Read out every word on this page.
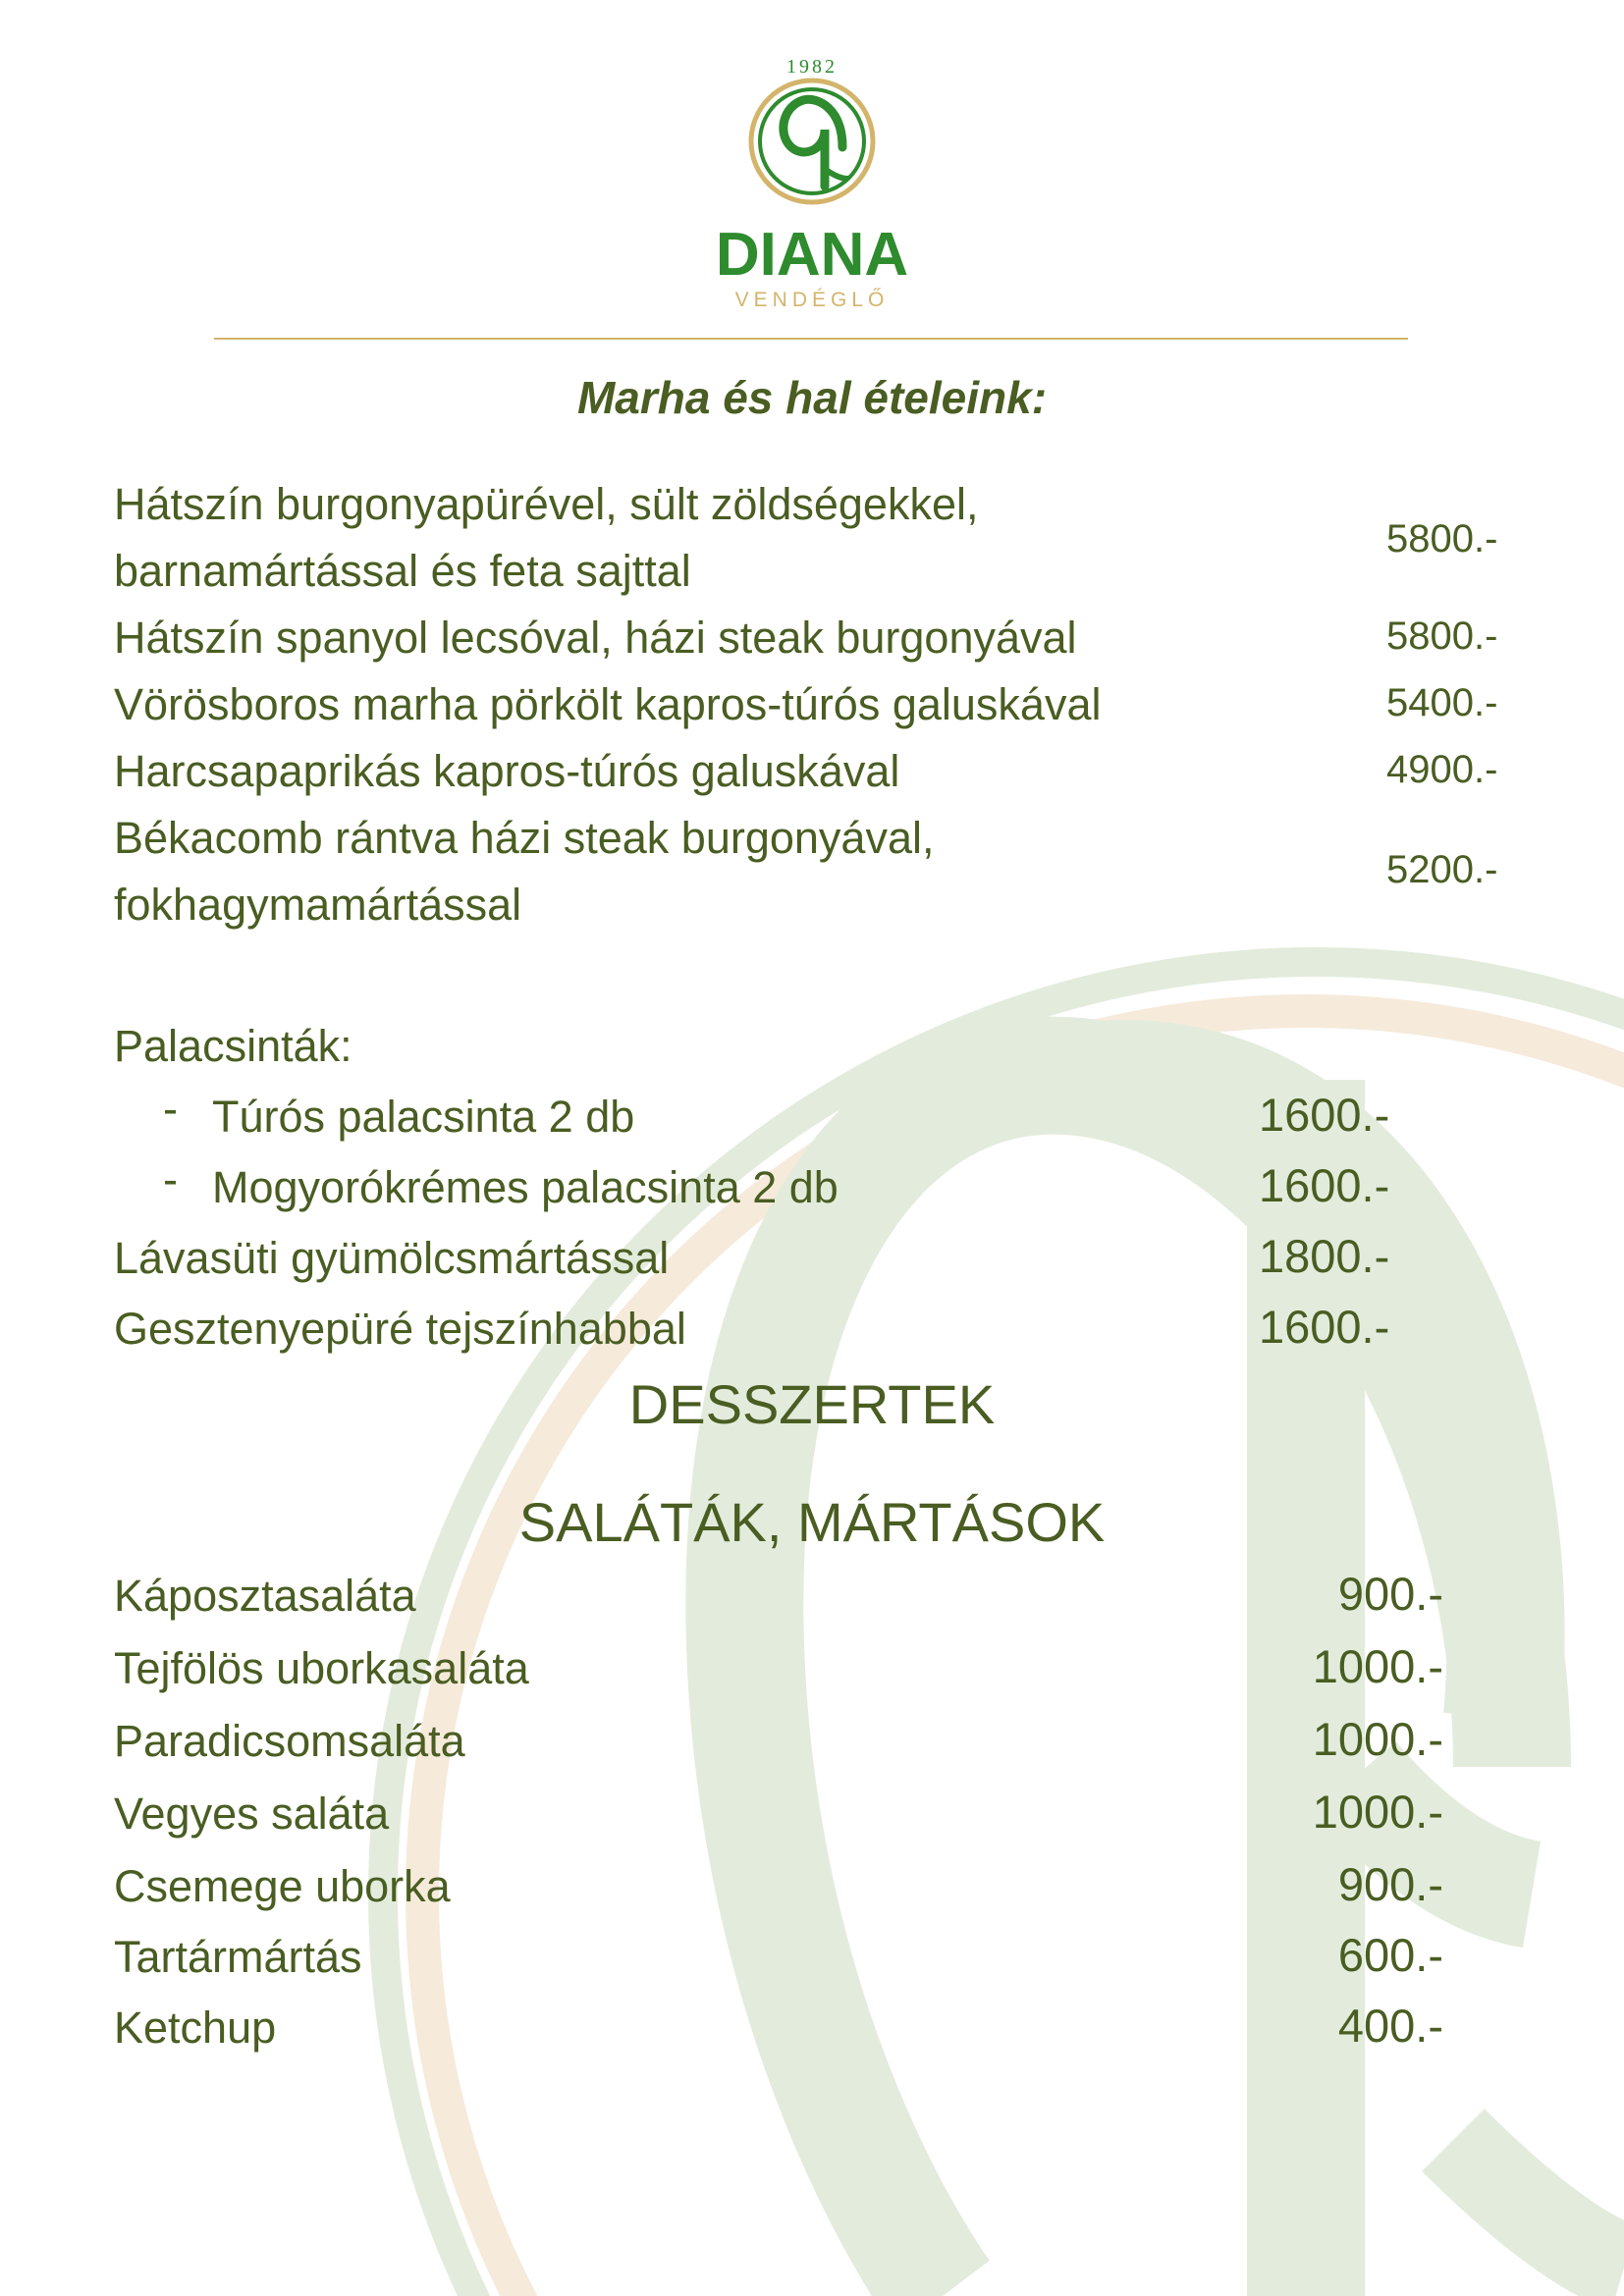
1982
DIANA
VENDÉGLŐ
Marha és hal ételeink:
Hátszín burgonyapürével, sült zöldségekkel,
barnamártással és feta sajttal
5800.-
Hátszín spanyol lecsóval, házi steak burgonyával	5800.-
Vörösboros marha pörkölt kapros-túrós galuskával	5400.-
Harcsapaprikás kapros-túrós galuskával	4900.-
Békacomb rántva házi steak burgonyával,
fokhagymamártással
5200.-
Palacsinták:
- Túrós palacsinta 2 db	1600.-
- Mogyorókrémes palacsinta 2 db	1600.-
Lávasüti gyümölcsmártással	1800.-
Gesztenyepüré tejszínhabbal	1600.-
DESSZERTEK
SALÁTÁK, MÁRTÁSOK
Káposztasaláta	900.-
Tejfölös uborkasaláta	1000.-
Paradicsomsaláta	1000.-
Vegyes saláta	1000.-
Csemege uborka	900.-
Tartármártás	600.-
Ketchup	400.-
